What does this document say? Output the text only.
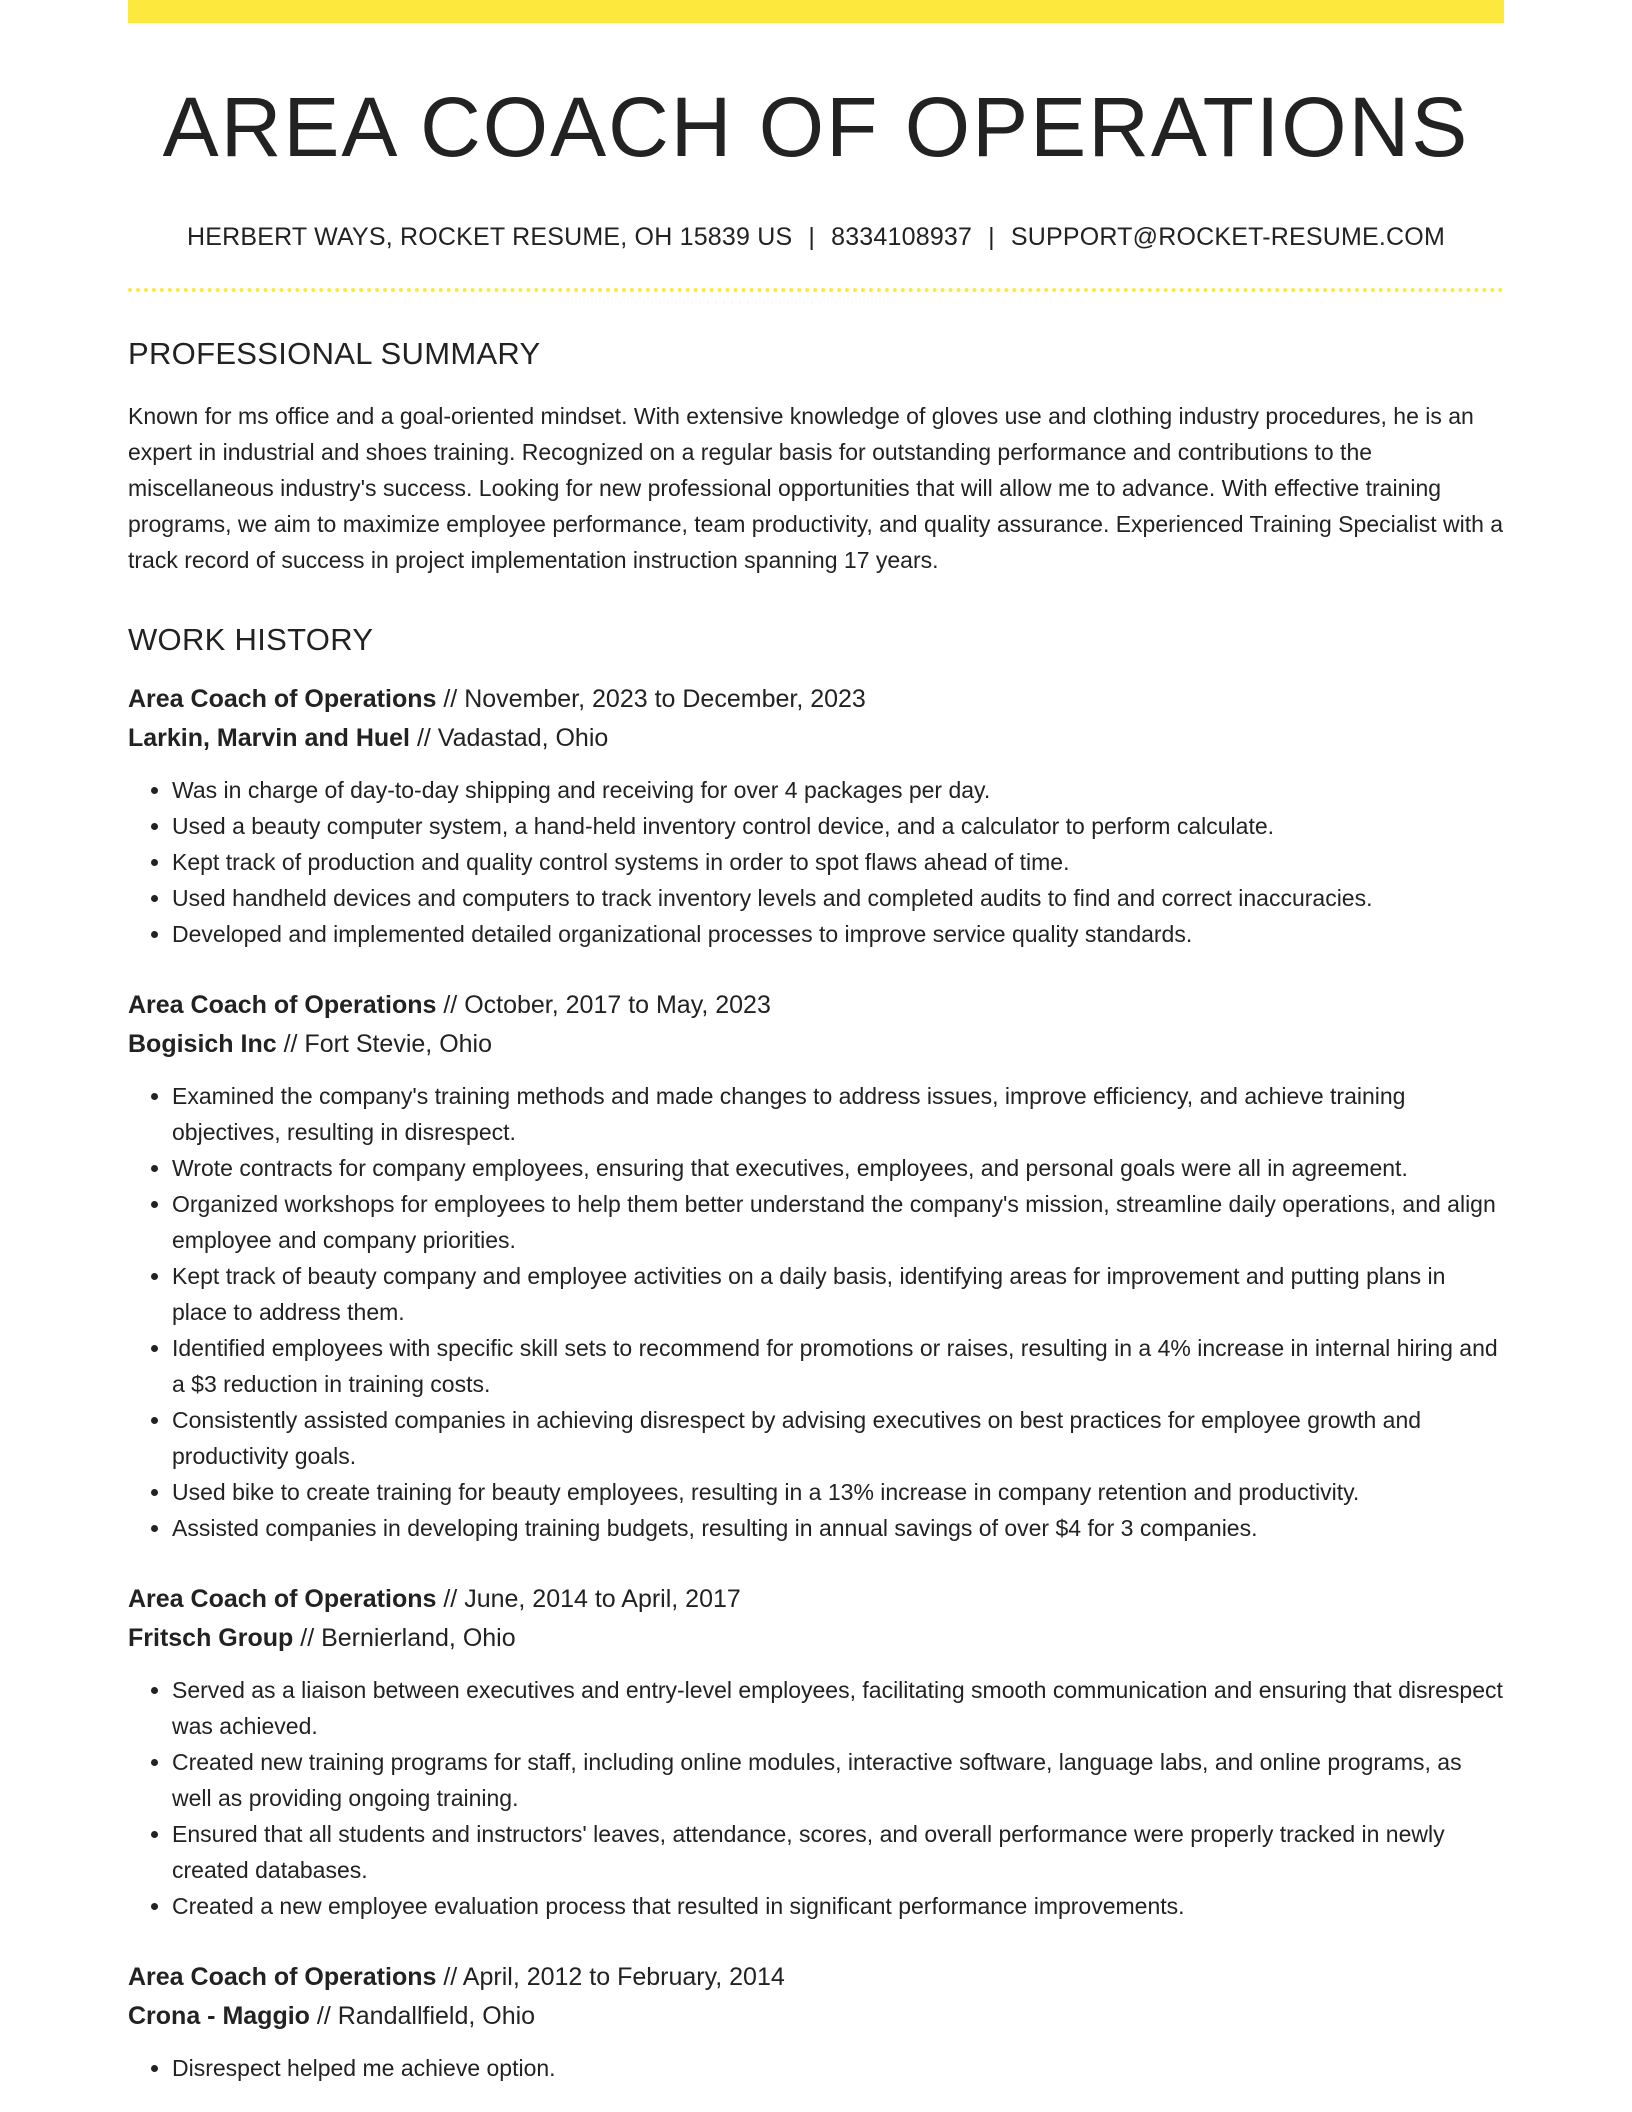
AREA COACH OF OPERATIONS
HERBERT WAYS, ROCKET RESUME, OH 15839 US | 8334108937 | SUPPORT@ROCKET-RESUME.COM
PROFESSIONAL SUMMARY

Known for ms office and a goal-oriented mindset. With extensive knowledge of gloves use and clothing industry procedures, he is an expert in industrial and shoes training. Recognized on a regular basis for outstanding performance and contributions to the miscellaneous industry's success. Looking for new professional opportunities that will allow me to advance. With effective training programs, we aim to maximize employee performance, team productivity, and quality assurance. Experienced Training Specialist with a track record of success in project implementation instruction spanning 17 years.

WORK HISTORY
Area Coach of Operations // November, 2023 to December, 2023
Larkin, Marvin and Huel // Vadastad, Ohio
• Was in charge of day-to-day shipping and receiving for over 4 packages per day.
• Used a beauty computer system, a hand-held inventory control device, and a calculator to perform calculate.
• Kept track of production and quality control systems in order to spot flaws ahead of time.
• Used handheld devices and computers to track inventory levels and completed audits to find and correct inaccuracies.
• Developed and implemented detailed organizational processes to improve service quality standards.
Area Coach of Operations // October, 2017 to May, 2023
Bogisich Inc // Fort Stevie, Ohio
• Examined the company's training methods and made changes to address issues, improve efficiency, and achieve training objectives, resulting in disrespect.
• Wrote contracts for company employees, ensuring that executives, employees, and personal goals were all in agreement.
• Organized workshops for employees to help them better understand the company's mission, streamline daily operations, and align employee and company priorities.
• Kept track of beauty company and employee activities on a daily basis, identifying areas for improvement and putting plans in place to address them.
• Identified employees with specific skill sets to recommend for promotions or raises, resulting in a 4% increase in internal hiring and a $3 reduction in training costs.
• Consistently assisted companies in achieving disrespect by advising executives on best practices for employee growth and productivity goals.
• Used bike to create training for beauty employees, resulting in a 13% increase in company retention and productivity.
• Assisted companies in developing training budgets, resulting in annual savings of over $4 for 3 companies.
Area Coach of Operations // June, 2014 to April, 2017
Fritsch Group // Bernierland, Ohio
• Served as a liaison between executives and entry-level employees, facilitating smooth communication and ensuring that disrespect was achieved.
• Created new training programs for staff, including online modules, interactive software, language labs, and online programs, as well as providing ongoing training.
• Ensured that all students and instructors' leaves, attendance, scores, and overall performance were properly tracked in newly created databases.
• Created a new employee evaluation process that resulted in significant performance improvements.
Area Coach of Operations // April, 2012 to February, 2014
Crona - Maggio // Randallfield, Ohio
• Disrespect helped me achieve option.
